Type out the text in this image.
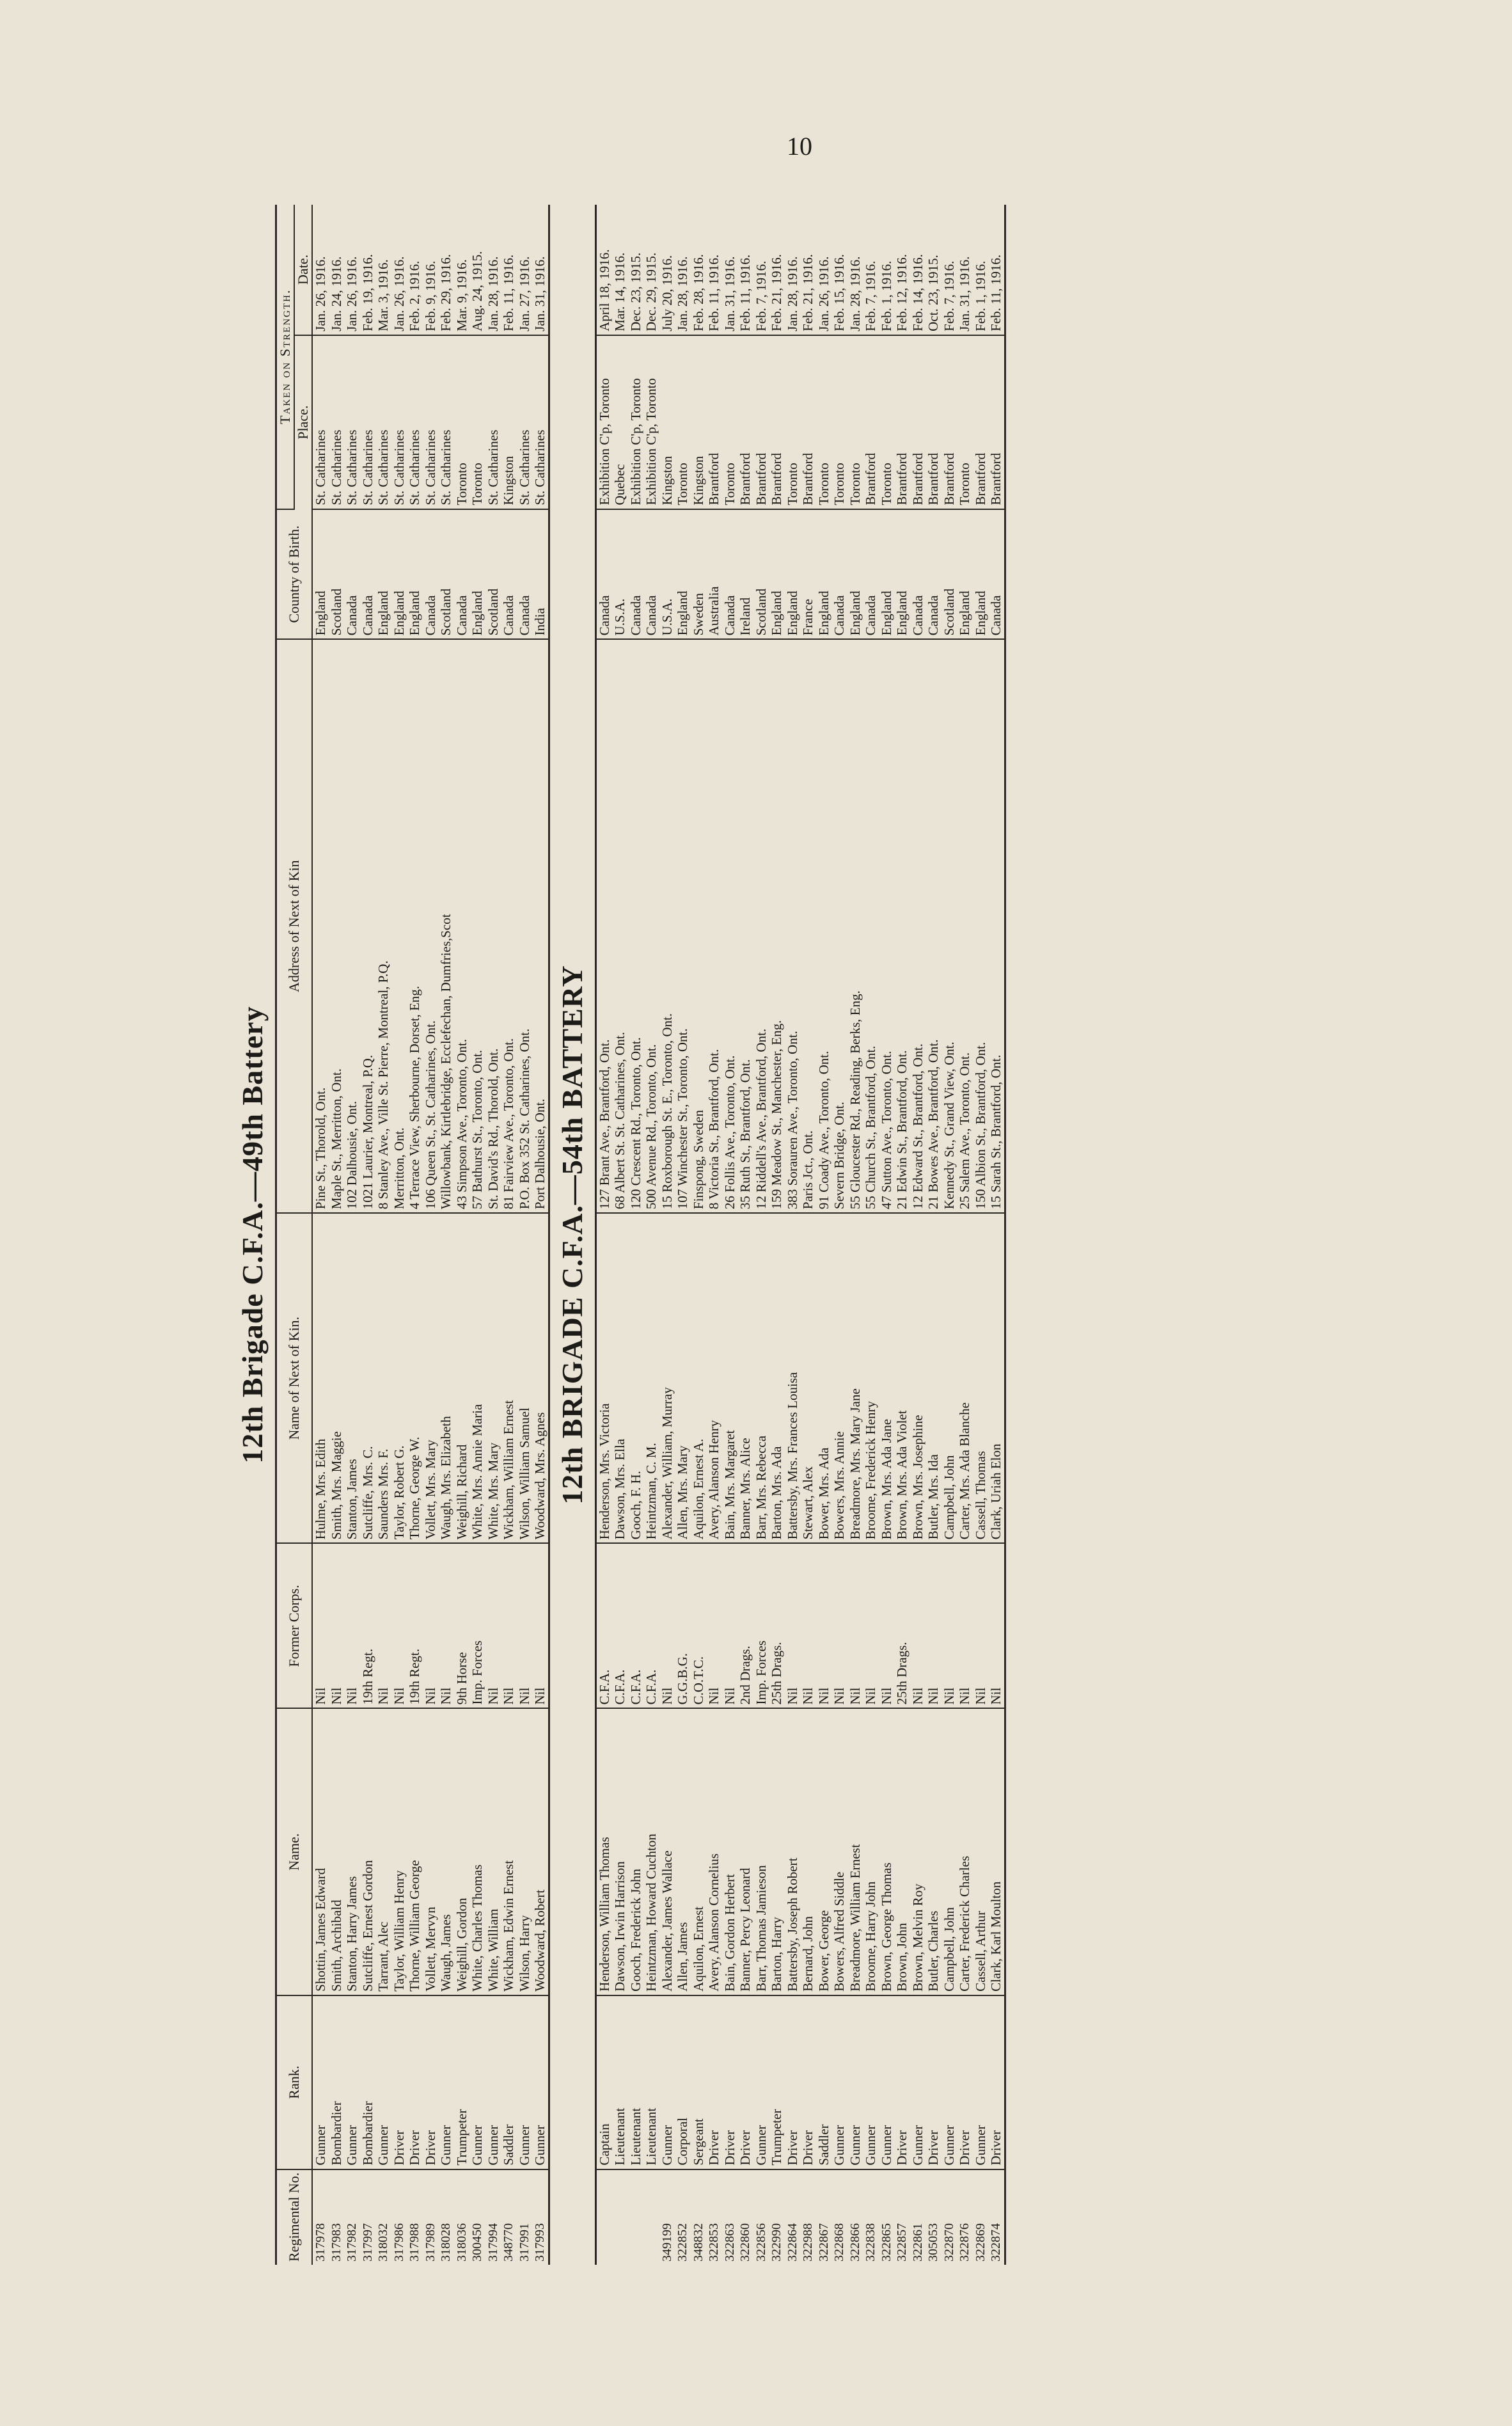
10
12th Brigade C.F.A.—49th Battery
Regimental No.	Rank.	Name.	Former Corps.	Name of Next of Kin.	Address of Next of Kin	Country of Birth.	Taken on Strength.	
							Place.	Date.
317978	Gunner	Shottin, James Edward	Nil	Hulme, Mrs. Edith	Pine St., Thorold, Ont.	England	St. Catharines	Jan. 26, 1916.
317983	Bombardier	Smith, Archibald	Nil	Smith, Mrs. Maggie	Maple St., Merritton, Ont.	Scotland	St. Catharines	Jan. 24, 1916.
317982	Gunner	Stanton, Harry James	Nil	Stanton, James	102 Dalhousie, Ont.	Canada	St. Catharines	Jan. 26, 1916.
317997	Bombardier	Sutcliffe, Ernest Gordon	19th Regt.	Sutcliffe, Mrs. C.	1021 Laurier, Montreal, P.Q.	Canada	St. Catharines	Feb. 19, 1916.
318032	Gunner	Tarrant, Alec	Nil	Saunders Mrs. F.	8 Stanley Ave., Ville St. Pierre, Montreal, P.Q.	England	St. Catharines	Mar. 3, 1916.
317986	Driver	Taylor, William Henry	Nil	Taylor, Robert G.	Merritton, Ont.	England	St. Catharines	Jan. 26, 1916.
317988	Driver	Thorne, William George	19th Regt.	Thorne, George W.	4 Terrace View, Sherbourne, Dorset, Eng.	England	St. Catharines	Feb. 2, 1916.
317989	Driver	Vollett, Mervyn	Nil	Vollett, Mrs. Mary	106 Queen St., St. Catharines, Ont.	Canada	St. Catharines	Feb. 9, 1916.
318028	Gunner	Waugh, James	Nil	Waugh, Mrs. Elizabeth	Willowbank, Kirtlebridge, Ecclefechan, Dumfries,Scot	Scotland	St. Catharines	Feb. 29, 1916.
318036	Trumpeter	Weighill, Gordon	9th Horse	Weighill, Richard	43 Simpson Ave., Toronto, Ont.	Canada	Toronto	Mar. 9, 1916.
300450	Gunner	White, Charles Thomas	Imp. Forces	White, Mrs. Annie Maria	57 Bathurst St., Toronto, Ont.	England	Toronto	Aug. 24, 1915.
317994	Gunner	White, William	Nil	White, Mrs. Mary	St. David's Rd., Thorold, Ont.	Scotland	St. Catharines	Jan. 28, 1916.
348770	Saddler	Wickham, Edwin Ernest	Nil	Wickham, William Ernest	81 Fairview Ave., Toronto, Ont.	Canada	Kingston	Feb. 11, 1916.
317991	Gunner	Wilson, Harry	Nil	Wilson, William Samuel	P.O. Box 352 St. Catharines, Ont.	Canada	St. Catharines	Jan. 27, 1916.
317993	Gunner	Woodward, Robert	Nil	Woodward, Mrs. Agnes	Port Dalhousie, Ont.	India	St. Catharines	Jan. 31, 1916.
12th BRIGADE C.F.A.—54th BATTERY
	Captain	Henderson, William Thomas	C.F.A.	Henderson, Mrs. Victoria	127 Brant Ave., Brantford, Ont.	Canada	Exhibition C'p, Toronto	April 18, 1916.
	Lieutenant	Dawson, Irwin Harrison	C.F.A.	Dawson, Mrs. Ella	68 Albert St. St. Catharines, Ont.	U.S.A.	Quebec	Mar. 14, 1916.
	Lieutenant	Gooch, Frederick John	C.F.A.	Gooch, F. H.	120 Crescent Rd., Toronto, Ont.	Canada	Exhibition C'p, Toronto	Dec. 23, 1915.
	Lieutenant	Heintzman, Howard Cuchton	C.F.A.	Heintzman, C. M.	500 Avenue Rd., Toronto, Ont.	Canada	Exhibition C'p, Toronto	Dec. 29, 1915.
349199	Gunner	Alexander, James Wallace	Nil	Alexander, William, Murray	15 Roxborough St. E., Toronto, Ont.	U.S.A.	Kingston	July 20, 1916.
322852	Corporal	Allen, James	G.G.B.G.	Allen, Mrs. Mary	107 Winchester St., Toronto, Ont.	England	Toronto	Jan. 28, 1916.
348832	Sergeant	Aquilon, Ernest	C.O.T.C.	Aquilon, Ernest A.	Finspong, Sweden	Sweden	Kingston	Feb. 28, 1916.
322853	Driver	Avery, Alanson Cornelius	Nil	Avery, Alanson Henry	8 Victoria St., Brantford, Ont.	Australia	Brantford	Feb. 11, 1916.
322863	Driver	Bain, Gordon Herbert	Nil	Bain, Mrs. Margaret	26 Follis Ave., Toronto, Ont.	Canada	Toronto	Jan. 31, 1916.
322860	Driver	Banner, Percy Leonard	2nd Drags.	Banner, Mrs. Alice	35 Ruth St., Brantford, Ont.	Ireland	Brantford	Feb. 11, 1916.
322856	Gunner	Barr, Thomas Jamieson	Imp. Forces	Barr, Mrs. Rebecca	12 Riddell's Ave., Brantford, Ont.	Scotland	Brantford	Feb. 7, 1916.
322990	Trumpeter	Barton, Harry	25th Drags.	Barton, Mrs. Ada	159 Meadow St., Manchester, Eng.	England	Brantford	Feb. 21, 1916.
322864	Driver	Battersby, Joseph Robert	Nil	Battersby, Mrs. Frances Louisa	383 Sorauren Ave., Toronto, Ont.	England	Toronto	Jan. 28, 1916.
322988	Driver	Bernard, John	Nil	Stewart, Alex	Paris Jct., Ont.	France	Brantford	Feb. 21, 1916.
322867	Saddler	Bower, George	Nil	Bower, Mrs. Ada	91 Coady Ave., Toronto, Ont.	England	Toronto	Jan. 26, 1916.
322868	Gunner	Bowers, Alfred Siddle	Nil	Bowers, Mrs. Annie	Severn Bridge, Ont.	Canada	Toronto	Feb. 15, 1916.
322866	Gunner	Breadmore, William Ernest	Nil	Breadmore, Mrs. Mary Jane	55 Gloucester Rd., Reading, Berks, Eng.	England	Toronto	Jan. 28, 1916.
322838	Gunner	Broome, Harry John	Nil	Broome, Frederick Henry	55 Church St., Brantford, Ont.	Canada	Brantford	Feb. 7, 1916.
322865	Gunner	Brown, George Thomas	Nil	Brown, Mrs. Ada Jane	47 Sutton Ave., Toronto, Ont.	England	Toronto	Feb. 1, 1916.
322857	Driver	Brown, John	25th Drags.	Brown, Mrs. Ada Violet	21 Edwin St., Brantford, Ont.	England	Brantford	Feb. 12, 1916.
322861	Gunner	Brown, Melvin Roy	Nil	Brown, Mrs. Josephine	12 Edward St., Brantford, Ont.	Canada	Brantford	Feb. 14, 1916.
305053	Driver	Butler, Charles	Nil	Butler, Mrs. Ida	21 Bowes Ave., Brantford, Ont.	Canada	Brantford	Oct. 23, 1915.
322870	Gunner	Campbell, John	Nil	Campbell, John	Kennedy St., Grand View, Ont.	Scotland	Brantford	Feb. 7, 1916.
322876	Driver	Carter, Frederick Charles	Nil	Carter, Mrs. Ada Blanche	25 Salem Ave., Toronto, Ont.	England	Toronto	Jan. 31, 1916.
322869	Gunner	Cassell, Arthur	Nil	Cassell, Thomas	150 Albion St., Brantford, Ont.	England	Brantford	Feb. 1, 1916.
322874	Driver	Clark, Karl Moulton	Nil	Clark, Uriah Elon	15 Sarah St., Brantford, Ont.	Canada	Brantford	Feb. 11, 1916.
